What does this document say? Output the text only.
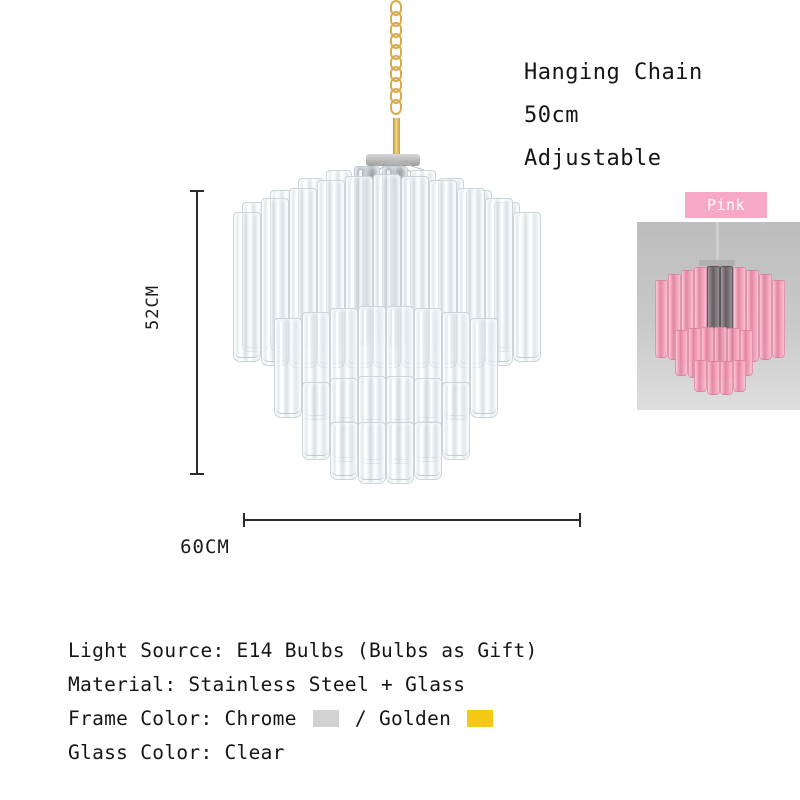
52CM
60CM
Hanging Chain
50cm
Adjustable
Pink
Light Source: E14 Bulbs (Bulbs as Gift)
Material: Stainless Steel + Glass
Frame Color: Chrome	/ Golden
Glass Color: Clear
